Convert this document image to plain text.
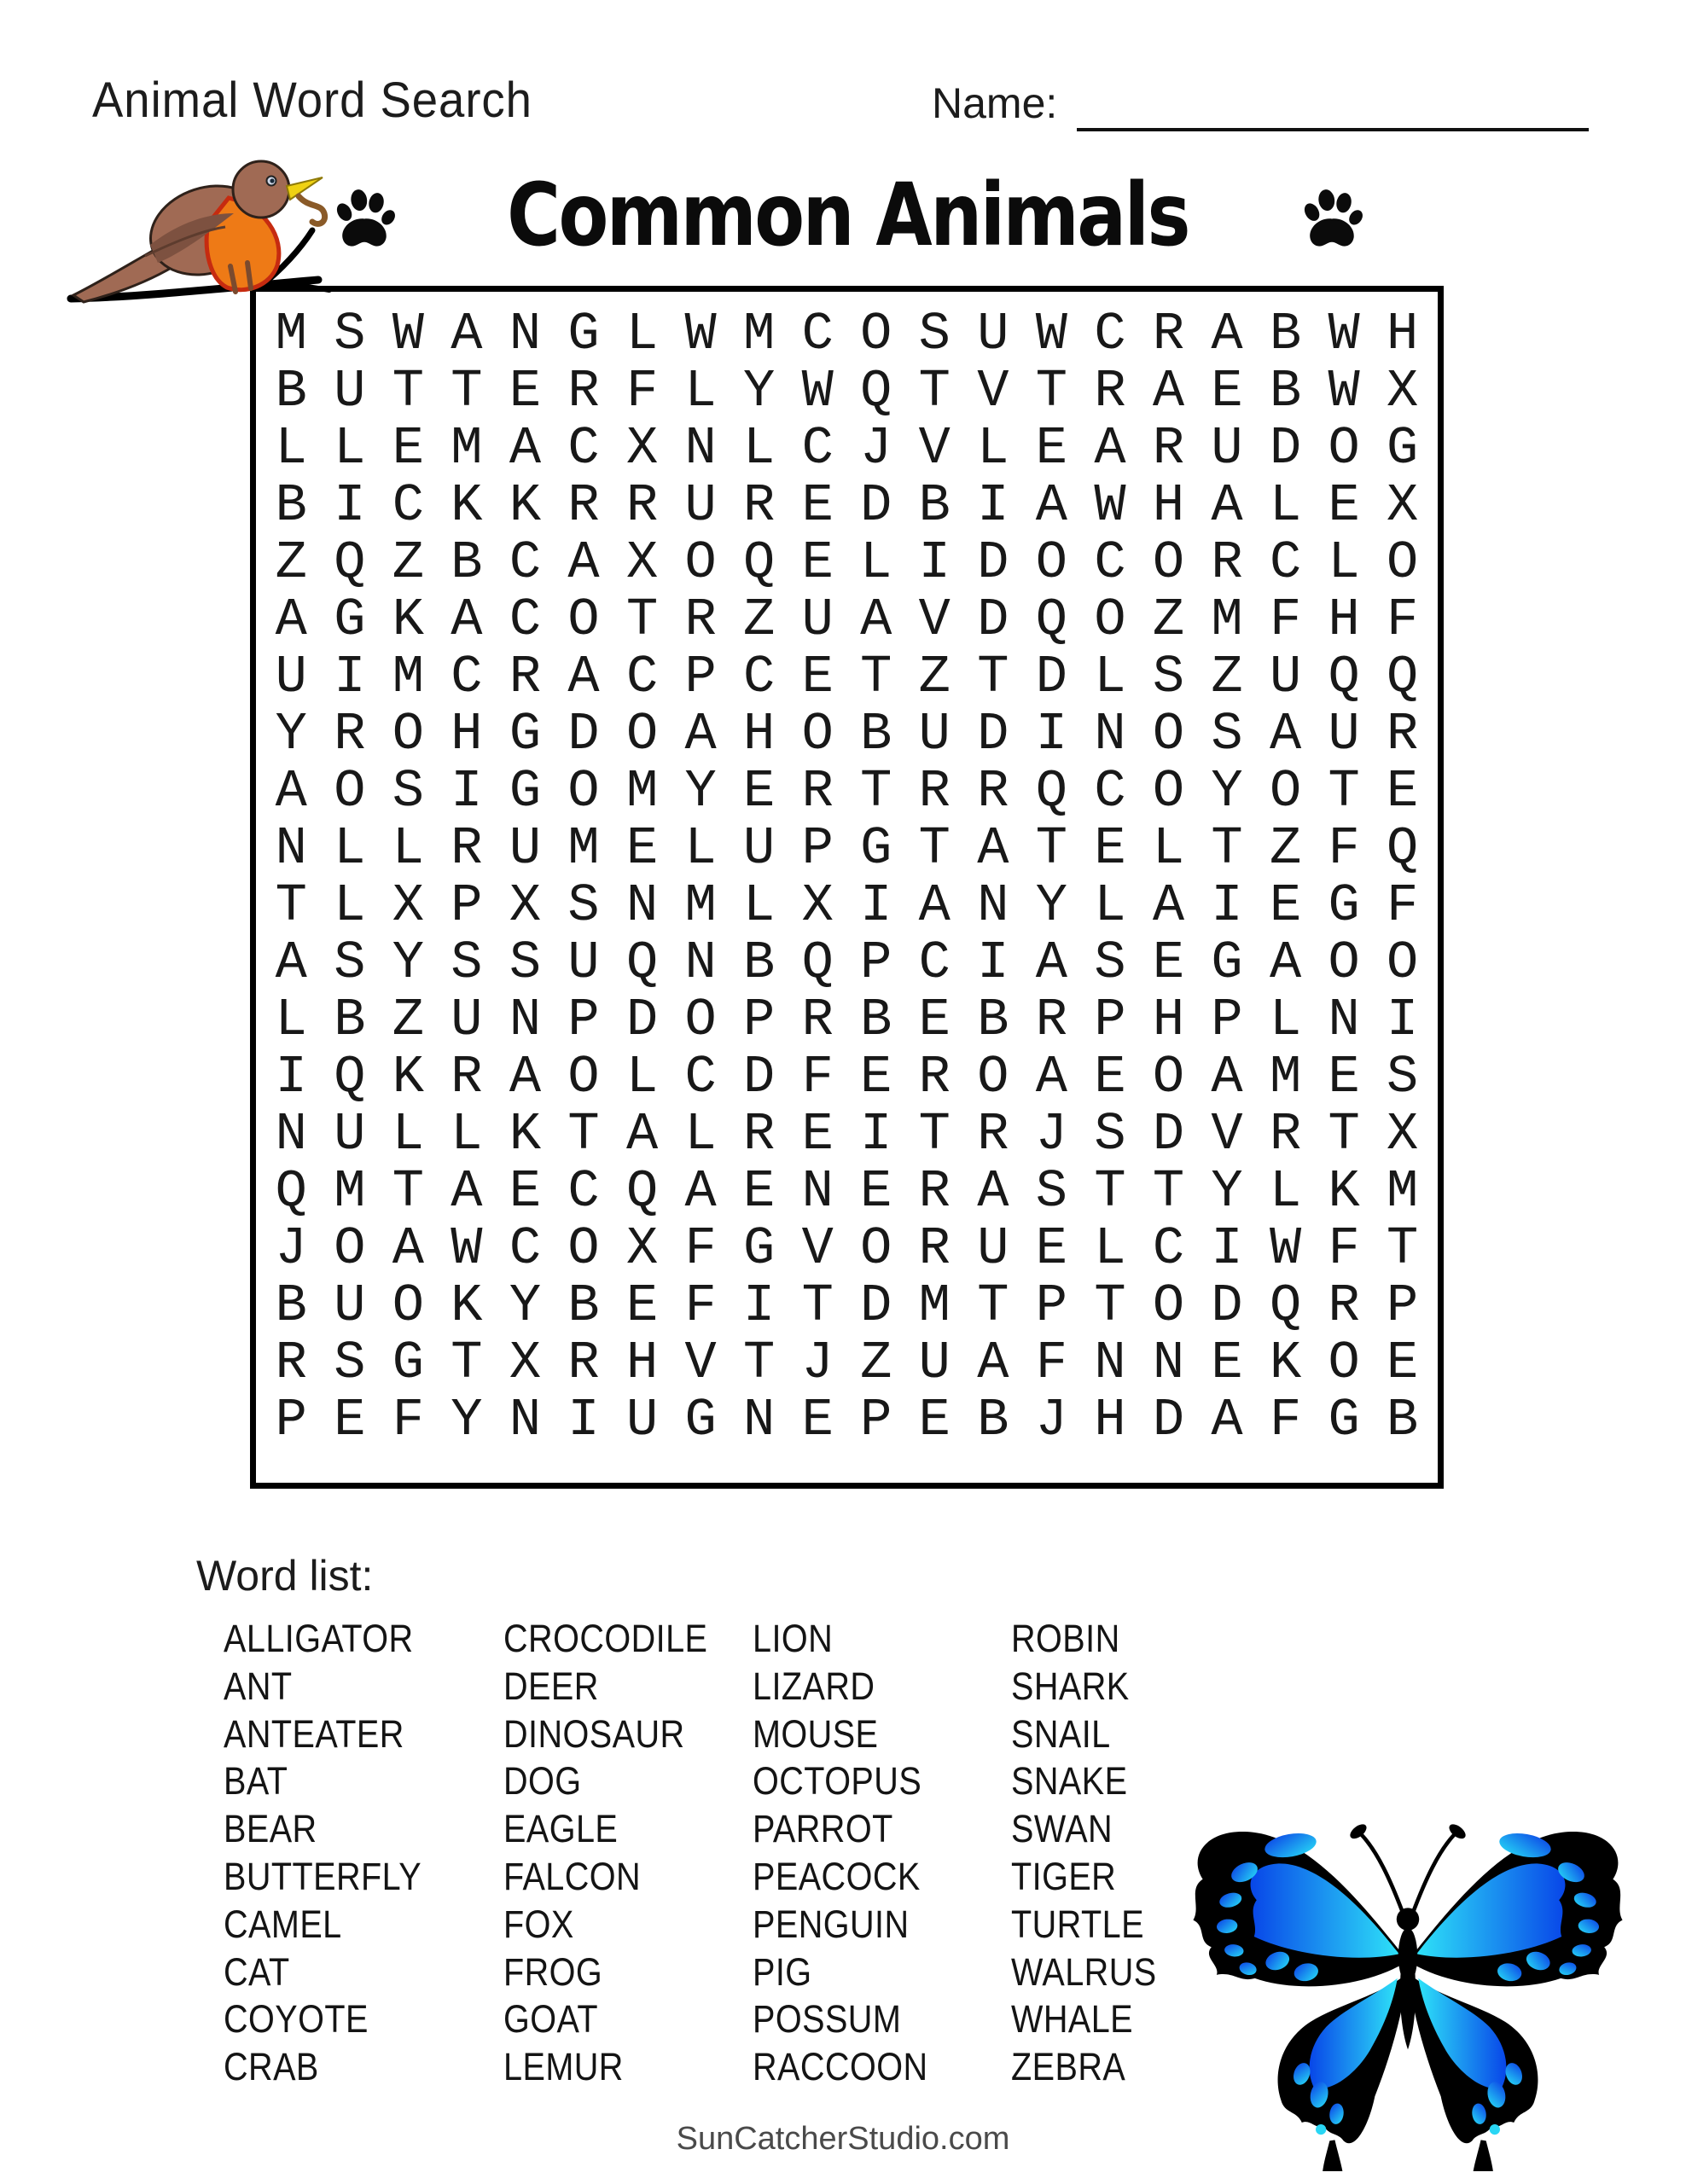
Animal Word Search	Name:
Common Animals
M S W A N G L W M C O S U W C R A B W H
B U T T E R F L Y W Q T V T R A E B W X
L L E M A C X N L C J V L E A R U D O G
B I C K K R R U R E D B I A W H A L E X
Z Q Z B C A X O Q E L I D O C O R C L O
A G K A C O T R Z U A V D Q O Z M F H F
U I M C R A C P C E T Z T D L S Z U Q Q
Y R O H G D O A H O B U D I N O S A U R
A O S I G O M Y E R T R R Q C O Y O T E
N L L R U M E L U P G T A T E L T Z F Q
T L X P X S N M L X I A N Y L A I E G F
A S Y S S U Q N B Q P C I A S E G A O O
L B Z U N P D O P R B E B R P H P L N I
I Q K R A O L C D F E R O A E O A M E S
N U L L K T A L R E I T R J S D V R T X
Q M T A E C Q A E N E R A S T T Y L K M
J O A W C O X F G V O R U E L C I W F T
B U O K Y B E F I T D M T P T O D Q R P
R S G T X R H V T J Z U A F N N E K O E
P E F Y N I U G N E P E B J H D A F G B
Word list:
ALLIGATOR
ANT
ANTEATER
BAT
BEAR
BUTTERFLY
CAMEL
CAT
COYOTE
CRAB
CROCODILE
DEER
DINOSAUR
DOG
EAGLE
FALCON
FOX
FROG
GOAT
LEMUR
LION
LIZARD
MOUSE
OCTOPUS
PARROT
PEACOCK
PENGUIN
PIG
POSSUM
RACCOON
ROBIN
SHARK
SNAIL
SNAKE
SWAN
TIGER
TURTLE
WALRUS
WHALE
ZEBRA
SunCatcherStudio.com
